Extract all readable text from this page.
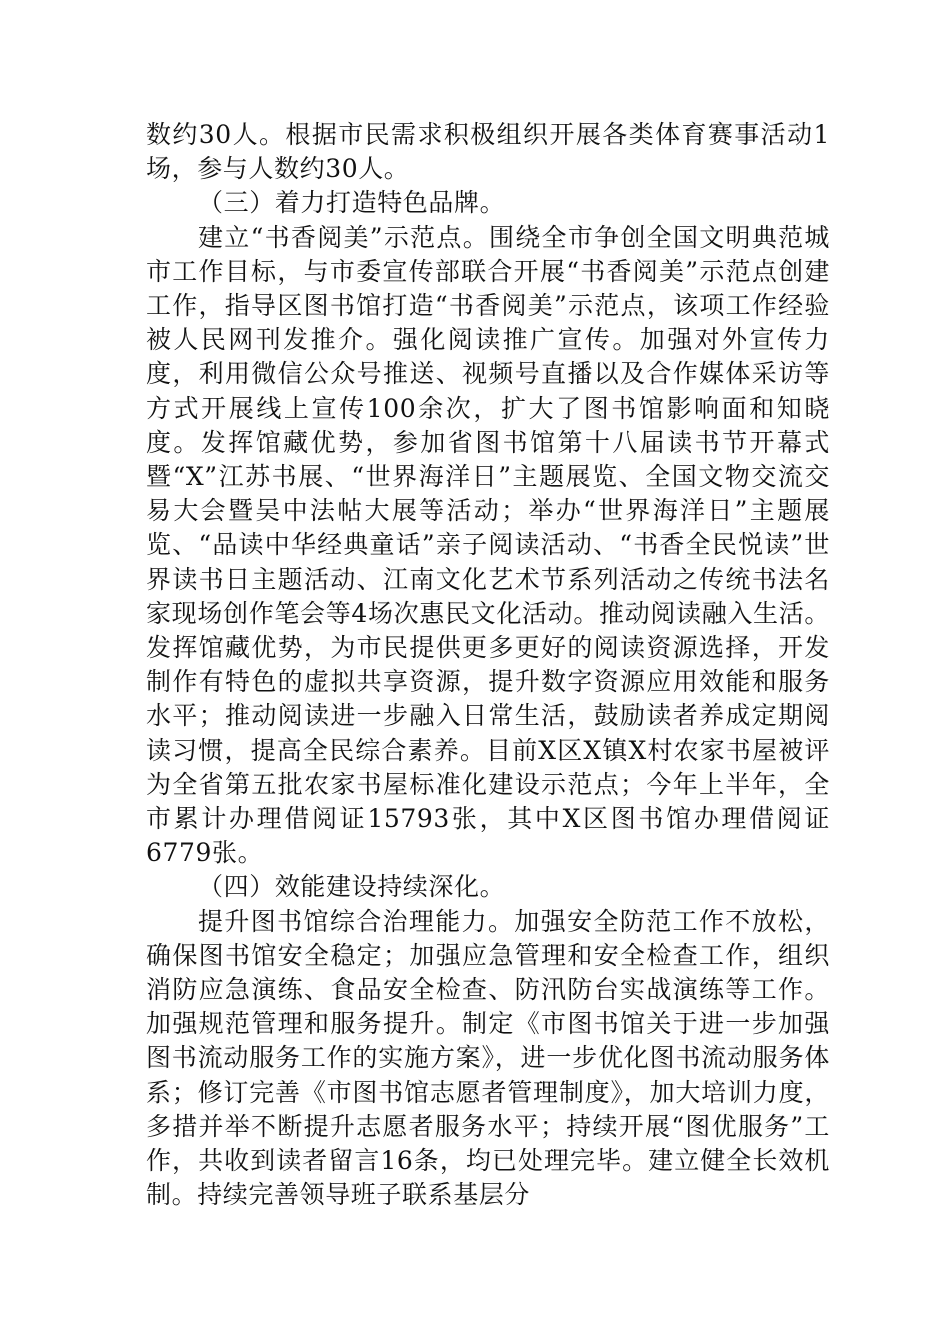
数约30人。根据市民需求积极组织开展各类体育赛事活动1场，参与人数约30人。

（三）着力打造特色品牌。

建立“书香阅美”示范点。围绕全市争创全国文明典范城市工作目标，与市委宣传部联合开展“书香阅美”示范点创建工作，指导区图书馆打造“书香阅美”示范点，该项工作经验被人民网刊发推介。强化阅读推广宣传。加强对外宣传力度，利用微信公众号推送、视频号直播以及合作媒体采访等方式开展线上宣传100余次，扩大了图书馆影响面和知晓度。发挥馆藏优势，参加省图书馆第十八届读书节开幕式暨“X”江苏书展、“世界海洋日”主题展览、全国文物交流交易大会暨吴中法帖大展等活动；举办“世界海洋日”主题展览、“品读中华经典童话”亲子阅读活动、“书香全民悦读”世界读书日主题活动、江南文化艺术节系列活动之传统书法名家现场创作笔会等4场次惠民文化活动。推动阅读融入生活。发挥馆藏优势，为市民提供更多更好的阅读资源选择，开发制作有特色的虚拟共享资源，提升数字资源应用效能和服务水平；推动阅读进一步融入日常生活，鼓励读者养成定期阅读习惯，提高全民综合素养。目前X区X镇X村农家书屋被评为全省第五批农家书屋标准化建设示范点；今年上半年，全市累计办理借阅证15793张，其中X区图书馆办理借阅证6779张。

（四）效能建设持续深化。

提升图书馆综合治理能力。加强安全防范工作不放松，确保图书馆安全稳定；加强应急管理和安全检查工作，组织消防应急演练、食品安全检查、防汛防台实战演练等工作。加强规范管理和服务提升。制定《市图书馆关于进一步加强图书流动服务工作的实施方案》，进一步优化图书流动服务体系；修订完善《市图书馆志愿者管理制度》，加大培训力度，多措并举不断提升志愿者服务水平；持续开展“图优服务”工作，共收到读者留言16条，均已处理完毕。建立健全长效机制。持续完善领导班子联系基层分
